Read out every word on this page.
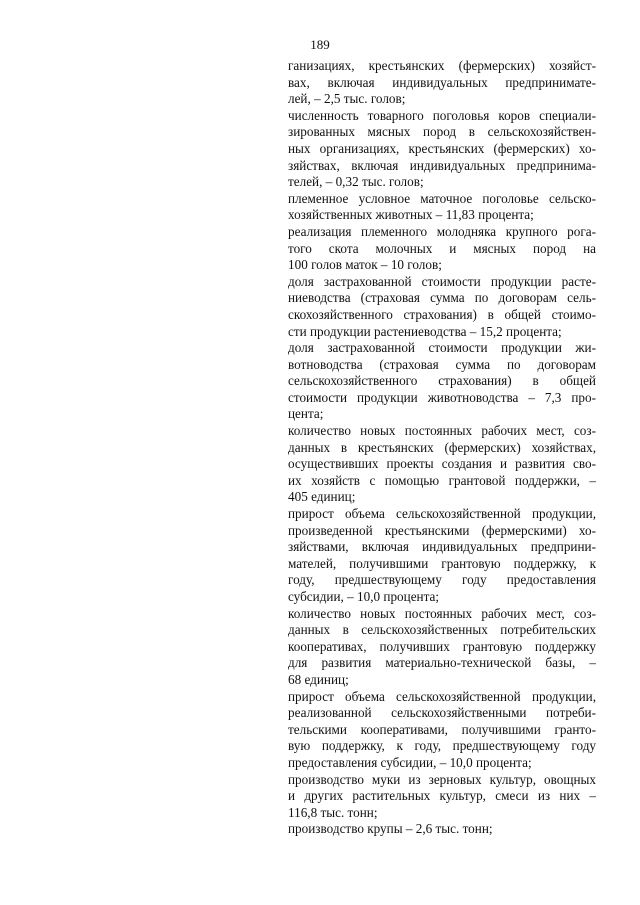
189
ганизациях, крестьянских (фермерских) хозяйст-
вах, включая индивидуальных предпринимате-
лей, – 2,5 тыс. голов;
численность товарного поголовья коров специали-
зированных мясных пород в сельскохозяйствен-
ных организациях, крестьянских (фермерских) хо-
зяйствах, включая индивидуальных предпринима-
телей, – 0,32 тыс. голов;
племенное условное маточное поголовье сельско-
хозяйственных животных – 11,83 процента;
реализация племенного молодняка крупного рога-
того скота молочных и мясных пород на
100 голов маток – 10 голов;
доля застрахованной стоимости продукции расте-
ниеводства (страховая сумма по договорам сель-
скохозяйственного страхования) в общей стоимо-
сти продукции растениеводства – 15,2 процента;
доля застрахованной стоимости продукции жи-
вотноводства (страховая сумма по договорам
сельскохозяйственного страхования) в общей
стоимости продукции животноводства – 7,3 про-
цента;
количество новых постоянных рабочих мест, соз-
данных в крестьянских (фермерских) хозяйствах,
осуществивших проекты создания и развития сво-
их хозяйств с помощью грантовой поддержки, –
405 единиц;
прирост объема сельскохозяйственной продукции,
произведенной крестьянскими (фермерскими) хо-
зяйствами, включая индивидуальных предприни-
мателей, получившими грантовую поддержку, к
году, предшествующему году предоставления
субсидии, – 10,0 процента;
количество новых постоянных рабочих мест, соз-
данных в сельскохозяйственных потребительских
кооперативах, получивших грантовую поддержку
для развития материально-технической базы, –
68 единиц;
прирост объема сельскохозяйственной продукции,
реализованной сельскохозяйственными потреби-
тельскими кооперативами, получившими гранто-
вую поддержку, к году, предшествующему году
предоставления субсидии, – 10,0 процента;
производство муки из зерновых культур, овощных
и других растительных культур, смеси из них –
116,8 тыс. тонн;
производство крупы – 2,6 тыс. тонн;
